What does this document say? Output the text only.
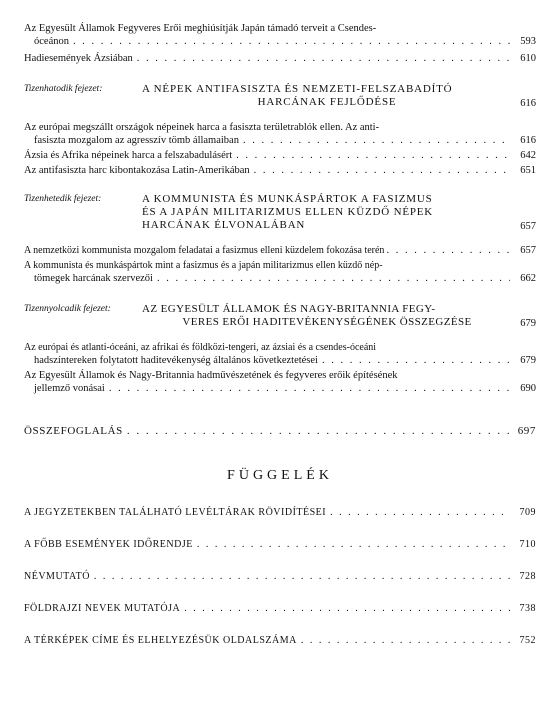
Az Egyesült Államok Fegyveres Erői meghiúsítják Japán támadó terveit a Csendes-
óceánon . . .	593
Hadiesemények Ázsiában . . .	610
Tizenhatodik fejezet:	A NÉPEK ANTIFASISZTA ÉS NEMZETI-FELSZABADÍTÓ
HARCÁNAK FEJLŐDÉSE	616
Az európai megszállt országok népeinek harca a fasiszta területrablók ellen. Az anti-
fasiszta mozgalom az agresszív tömb államaiban . . .	616
Ázsia és Afrika népeinek harca a felszabadulásért . . .	642
Az antifasiszta harc kibontakozása Latin-Amerikában . . .	651
Tizenhetedik fejezet:	A KOMMUNISTA ÉS MUNKÁSPÁRTOK A FASIZMUS
ÉS A JAPÁN MILITARIZMUS ELLEN KÜZDŐ NÉPEK
HARCÁNAK ÉLVONALÁBAN	657
A nemzetközi kommunista mozgalom feladatai a fasizmus elleni küzdelem fokozása terén . . .	657
A kommunista és munkáspártok mint a fasizmus és a japán militarizmus ellen küzdő nép-
tömegek harcának szervezői . . .	662
Tizennyolcadik fejezet:	AZ EGYESÜLT ÁLLAMOK ÉS NAGY-BRITANNIA FEGY-
VERES ERŐI HADITEVÉKENYSÉGÉNEK ÖSSZEGZÉSE	679
Az európai és atlanti-óceáni, az afrikai és földközi-tengeri, az ázsiai és a csendes-óceáni
hadszíntereken folytatott haditevékenység általános következtetései . . .	679
Az Egyesült Államok és Nagy-Britannia hadművészetének és fegyveres erőik építésének
jellemző vonásai . . .	690
ÖSSZEFOGLALÁS . . .	697
FÜGGELÉK
A JEGYZETEKBEN TALÁLHATÓ LEVÉLTÁRAK RÖVIDÍTÉSEI . . .	709
A FŐBB ESEMÉNYEK IDŐRENDJE . . .	710
NÉVMUTATÓ . . .	728
FÖLDRAJZI NEVEK MUTATÓJA . . .	738
A TÉRKÉPEK CÍME ÉS ELHELYEZÉSÜK OLDALSZÁMA . . .	752
